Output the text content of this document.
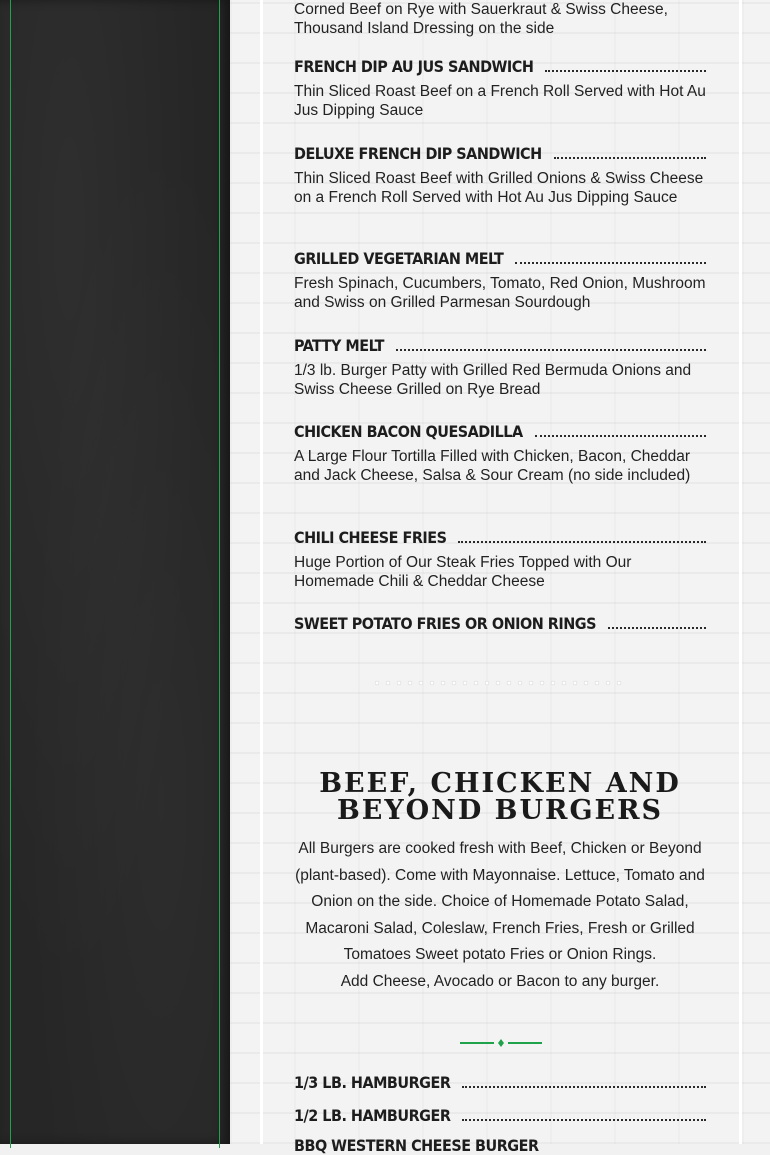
Corned Beef on Rye with Sauerkraut & Swiss Cheese, Thousand Island Dressing on the side
FRENCH DIP AU JUS SANDWICH
Thin Sliced Roast Beef on a French Roll Served with Hot Au Jus Dipping Sauce
DELUXE FRENCH DIP SANDWICH
Thin Sliced Roast Beef with Grilled Onions & Swiss Cheese on a French Roll Served with Hot Au Jus Dipping Sauce
GRILLED VEGETARIAN MELT
Fresh Spinach, Cucumbers, Tomato, Red Onion, Mushroom and Swiss on Grilled Parmesan Sourdough
PATTY MELT
1/3 lb. Burger Patty with Grilled Red Bermuda Onions and Swiss Cheese Grilled on Rye Bread
CHICKEN BACON QUESADILLA
A Large Flour Tortilla Filled with Chicken, Bacon, Cheddar and Jack Cheese, Salsa & Sour Cream (no side included)
CHILI CHEESE FRIES
Huge Portion of Our Steak Fries Topped with Our Homemade Chili & Cheddar Cheese
SWEET POTATO FRIES OR ONION RINGS
BEEF, CHICKEN AND BEYOND BURGERS
All Burgers are cooked fresh with Beef, Chicken or Beyond (plant-based). Come with Mayonnaise. Lettuce, Tomato and Onion on the side. Choice of Homemade Potato Salad, Macaroni Salad, Coleslaw, French Fries, Fresh or Grilled Tomatoes Sweet potato Fries or Onion Rings.
Add Cheese, Avocado or Bacon to any burger.
1/3 LB. HAMBURGER
1/2 LB. HAMBURGER
BBQ WESTERN CHEESE BURGER
